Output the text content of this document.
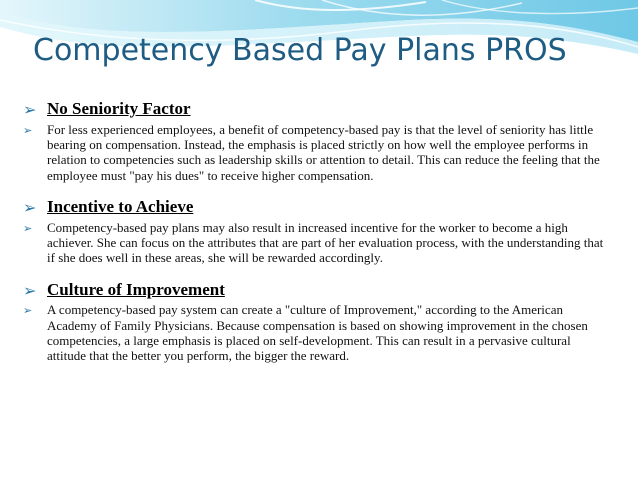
Competency Based Pay Plans PROS
➢ No Seniority Factor
➢	For less experienced employees, a benefit of competency-based pay is that the level of seniority has little bearing on compensation. Instead, the emphasis is placed strictly on how well the employee performs in relation to competencies such as leadership skills or attention to detail. This can reduce the feeling that the employee must "pay his dues" to receive higher compensation.
➢ Incentive to Achieve
➢	Competency-based pay plans may also result in increased incentive for the worker to become a high achiever. She can focus on the attributes that are part of her evaluation process, with the understanding that if she does well in these areas, she will be rewarded accordingly.
➢ Culture of Improvement
➢	A competency-based pay system can create a "culture of Improvement," according to the American Academy of Family Physicians. Because compensation is based on showing improvement in the chosen competencies, a large emphasis is placed on self-development. This can result in a pervasive cultural attitude that the better you perform, the bigger the reward.
